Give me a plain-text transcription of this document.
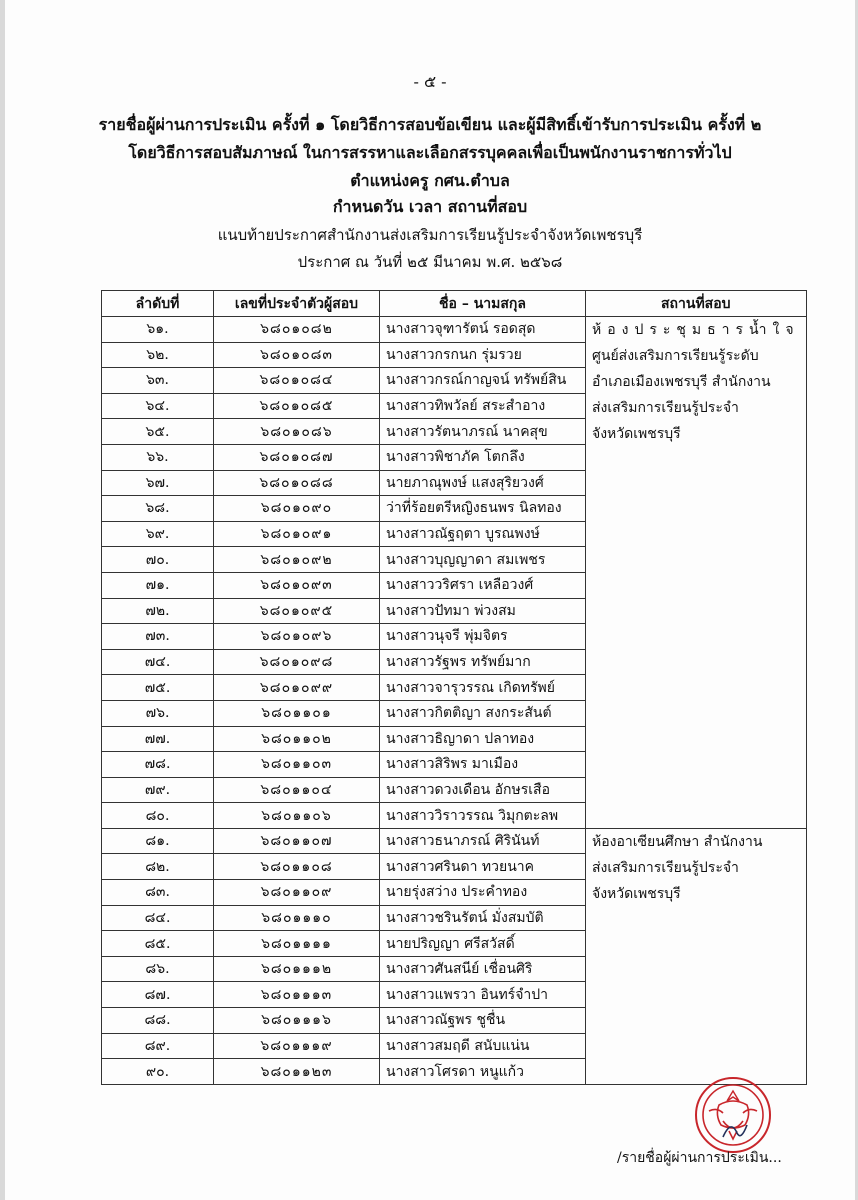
- ๕ -
รายชื่อผู้ผ่านการประเมิน ครั้งที่ ๑ โดยวิธีการสอบข้อเขียน และผู้มีสิทธิ์เข้ารับการประเมิน ครั้งที่ ๒
โดยวิธีการสอบสัมภาษณ์ ในการสรรหาและเลือกสรรบุคคลเพื่อเป็นพนักงานราชการทั่วไป
ตำแหน่งครู กศน.ตำบล
กำหนดวัน เวลา สถานที่สอบ
แนบท้ายประกาศสำนักงานส่งเสริมการเรียนรู้ประจำจังหวัดเพชรบุรี
ประกาศ ณ วันที่ ๒๕ มีนาคม พ.ศ. ๒๕๖๘
ลำดับที่	เลขที่ประจำตัวผู้สอบ	ชื่อ – นามสกุล	สถานที่สอบ
๖๑.	๖๘๐๑๐๘๒	นางสาวจุฑารัตน์ รอดสุด	ห้องประชุมธารน้ำใจ
ศูนย์ส่งเสริมการเรียนรู้ระดับ
อำเภอเมืองเพชรบุรี สำนักงาน
ส่งเสริมการเรียนรู้ประจำ
จังหวัดเพชรบุรี

๖๒.	๖๘๐๑๐๘๓	นางสาวกรกนก รุ่มรวย	
๖๓.	๖๘๐๑๐๘๔	นางสาวกรณ์กาญจน์ ทรัพย์สิน	
๖๔.	๖๘๐๑๐๘๕	นางสาวทิพวัลย์ สระสำอาง	
๖๕.	๖๘๐๑๐๘๖	นางสาวรัตนาภรณ์ นาคสุข	
๖๖.	๖๘๐๑๐๘๗	นางสาวพิชาภัค โตกลึง	
๖๗.	๖๘๐๑๐๘๘	นายภาณุพงษ์ แสงสุริยวงศ์	
๖๘.	๖๘๐๑๐๙๐	ว่าที่ร้อยตรีหญิงธนพร นิลทอง	
๖๙.	๖๘๐๑๐๙๑	นางสาวณัฐฤตา บูรณพงษ์	
๗๐.	๖๘๐๑๐๙๒	นางสาวบุญญาดา สมเพชร	
๗๑.	๖๘๐๑๐๙๓	นางสาววริศรา เหลือวงศ์	
๗๒.	๖๘๐๑๐๙๕	นางสาวปัทมา พ่วงสม	
๗๓.	๖๘๐๑๐๙๖	นางสาวนุจรี พุ่มจิตร	
๗๔.	๖๘๐๑๐๙๘	นางสาวรัฐพร ทรัพย์มาก	
๗๕.	๖๘๐๑๐๙๙	นางสาวจารุวรรณ เกิดทรัพย์	
๗๖.	๖๘๐๑๑๐๑	นางสาวกิตติญา สงกระสันต์	
๗๗.	๖๘๐๑๑๐๒	นางสาวธิญาดา ปลาทอง	
๗๘.	๖๘๐๑๑๐๓	นางสาวสิริพร มาเมือง	
๗๙.	๖๘๐๑๑๐๔	นางสาวดวงเดือน อักษรเสือ	
๘๐.	๖๘๐๑๑๐๖	นางสาววิราวรรณ วิมุกตะลพ	
๘๑.	๖๘๐๑๑๐๗	นางสาวธนาภรณ์ ศิรินันท์	ห้องอาเซียนศึกษา สำนักงาน
ส่งเสริมการเรียนรู้ประจำ
จังหวัดเพชรบุรี

๘๒.	๖๘๐๑๑๐๘	นางสาวศรินดา ทวยนาค	
๘๓.	๖๘๐๑๑๐๙	นายรุ่งสว่าง ประคำทอง	
๘๔.	๖๘๐๑๑๑๐	นางสาวชรินรัตน์ มั่งสมบัติ	
๘๕.	๖๘๐๑๑๑๑	นายปริญญา ศรีสวัสดิ์	
๘๖.	๖๘๐๑๑๑๒	นางสาวศันสนีย์ เชื่อนศิริ	
๘๗.	๖๘๐๑๑๑๓	นางสาวแพรวา อินทร์จำปา	
๘๘.	๖๘๐๑๑๑๖	นางสาวณัฐพร ชูชื่น	
๘๙.	๖๘๐๑๑๑๙	นางสาวสมฤดี สนับแน่น	
๙๐.	๖๘๐๑๑๒๓	นางสาวโศรดา หนูแก้ว	
/รายชื่อผู้ผ่านการประเมิน...
